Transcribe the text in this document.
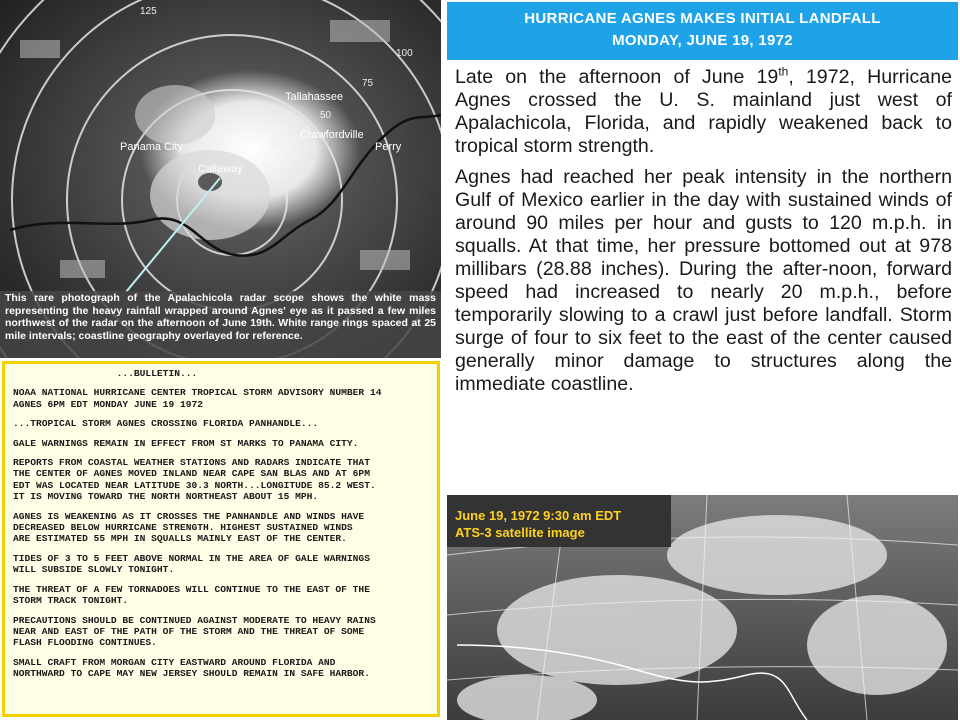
Tallahassee
Crawfordville
Perry
Panama City
Callaway
25
50
75
100
125
This rare photograph of the Apalachicola radar scope shows the white mass representing the heavy rainfall wrapped around Agnes' eye as it passed a few miles northwest of the radar on the afternoon of June 19th. White range rings spaced at 25 mile intervals; coastline geography overlayed for reference.
...BULLETIN...
NOAA NATIONAL HURRICANE CENTER TROPICAL STORM ADVISORY NUMBER 14
AGNES 6PM EDT MONDAY JUNE 19 1972
...TROPICAL STORM AGNES CROSSING FLORIDA PANHANDLE...
GALE WARNINGS REMAIN IN EFFECT FROM ST MARKS TO PANAMA CITY.
REPORTS FROM COASTAL WEATHER STATIONS AND RADARS INDICATE THAT
THE CENTER OF AGNES MOVED INLAND NEAR CAPE SAN BLAS AND AT 6PM
EDT WAS LOCATED NEAR LATITUDE 30.3 NORTH...LONGITUDE 85.2 WEST.
IT IS MOVING TOWARD THE NORTH NORTHEAST ABOUT 15 MPH.
AGNES IS WEAKENING AS IT CROSSES THE PANHANDLE AND WINDS HAVE
DECREASED BELOW HURRICANE STRENGTH. HIGHEST SUSTAINED WINDS
ARE ESTIMATED 55 MPH IN SQUALLS MAINLY EAST OF THE CENTER.
TIDES OF 3 TO 5 FEET ABOVE NORMAL IN THE AREA OF GALE WARNINGS
WILL SUBSIDE SLOWLY TONIGHT.
THE THREAT OF A FEW TORNADOES WILL CONTINUE TO THE EAST OF THE
STORM TRACK TONIGHT.
PRECAUTIONS SHOULD BE CONTINUED AGAINST MODERATE TO HEAVY RAINS
NEAR AND EAST OF THE PATH OF THE STORM AND THE THREAT OF SOME
FLASH FLOODING CONTINUES.
SMALL CRAFT FROM MORGAN CITY EASTWARD AROUND FLORIDA AND
NORTHWARD TO CAPE MAY NEW JERSEY SHOULD REMAIN IN SAFE HARBOR.
HURRICANE AGNES MAKES INITIAL LANDFALL
MONDAY, JUNE 19, 1972

Late on the afternoon of June 19th, 1972, Hurricane Agnes crossed the U. S. mainland just west of Apalachicola, Florida, and rapidly weakened back to tropical storm strength.

Agnes had reached her peak intensity in the northern Gulf of Mexico earlier in the day with sustained winds of around 90 miles per hour and gusts to 120 m.p.h. in squalls. At that time, her pressure bottomed out at 978 millibars (28.88 inches). During the after-noon, forward speed had increased to nearly 20 m.p.h., before temporarily slowing to a crawl just before landfall. Storm surge of four to six feet to the east of the center caused generally minor damage to structures along the immediate coastline.

June 19, 1972 9:30 am EDT
ATS-3 satellite image
